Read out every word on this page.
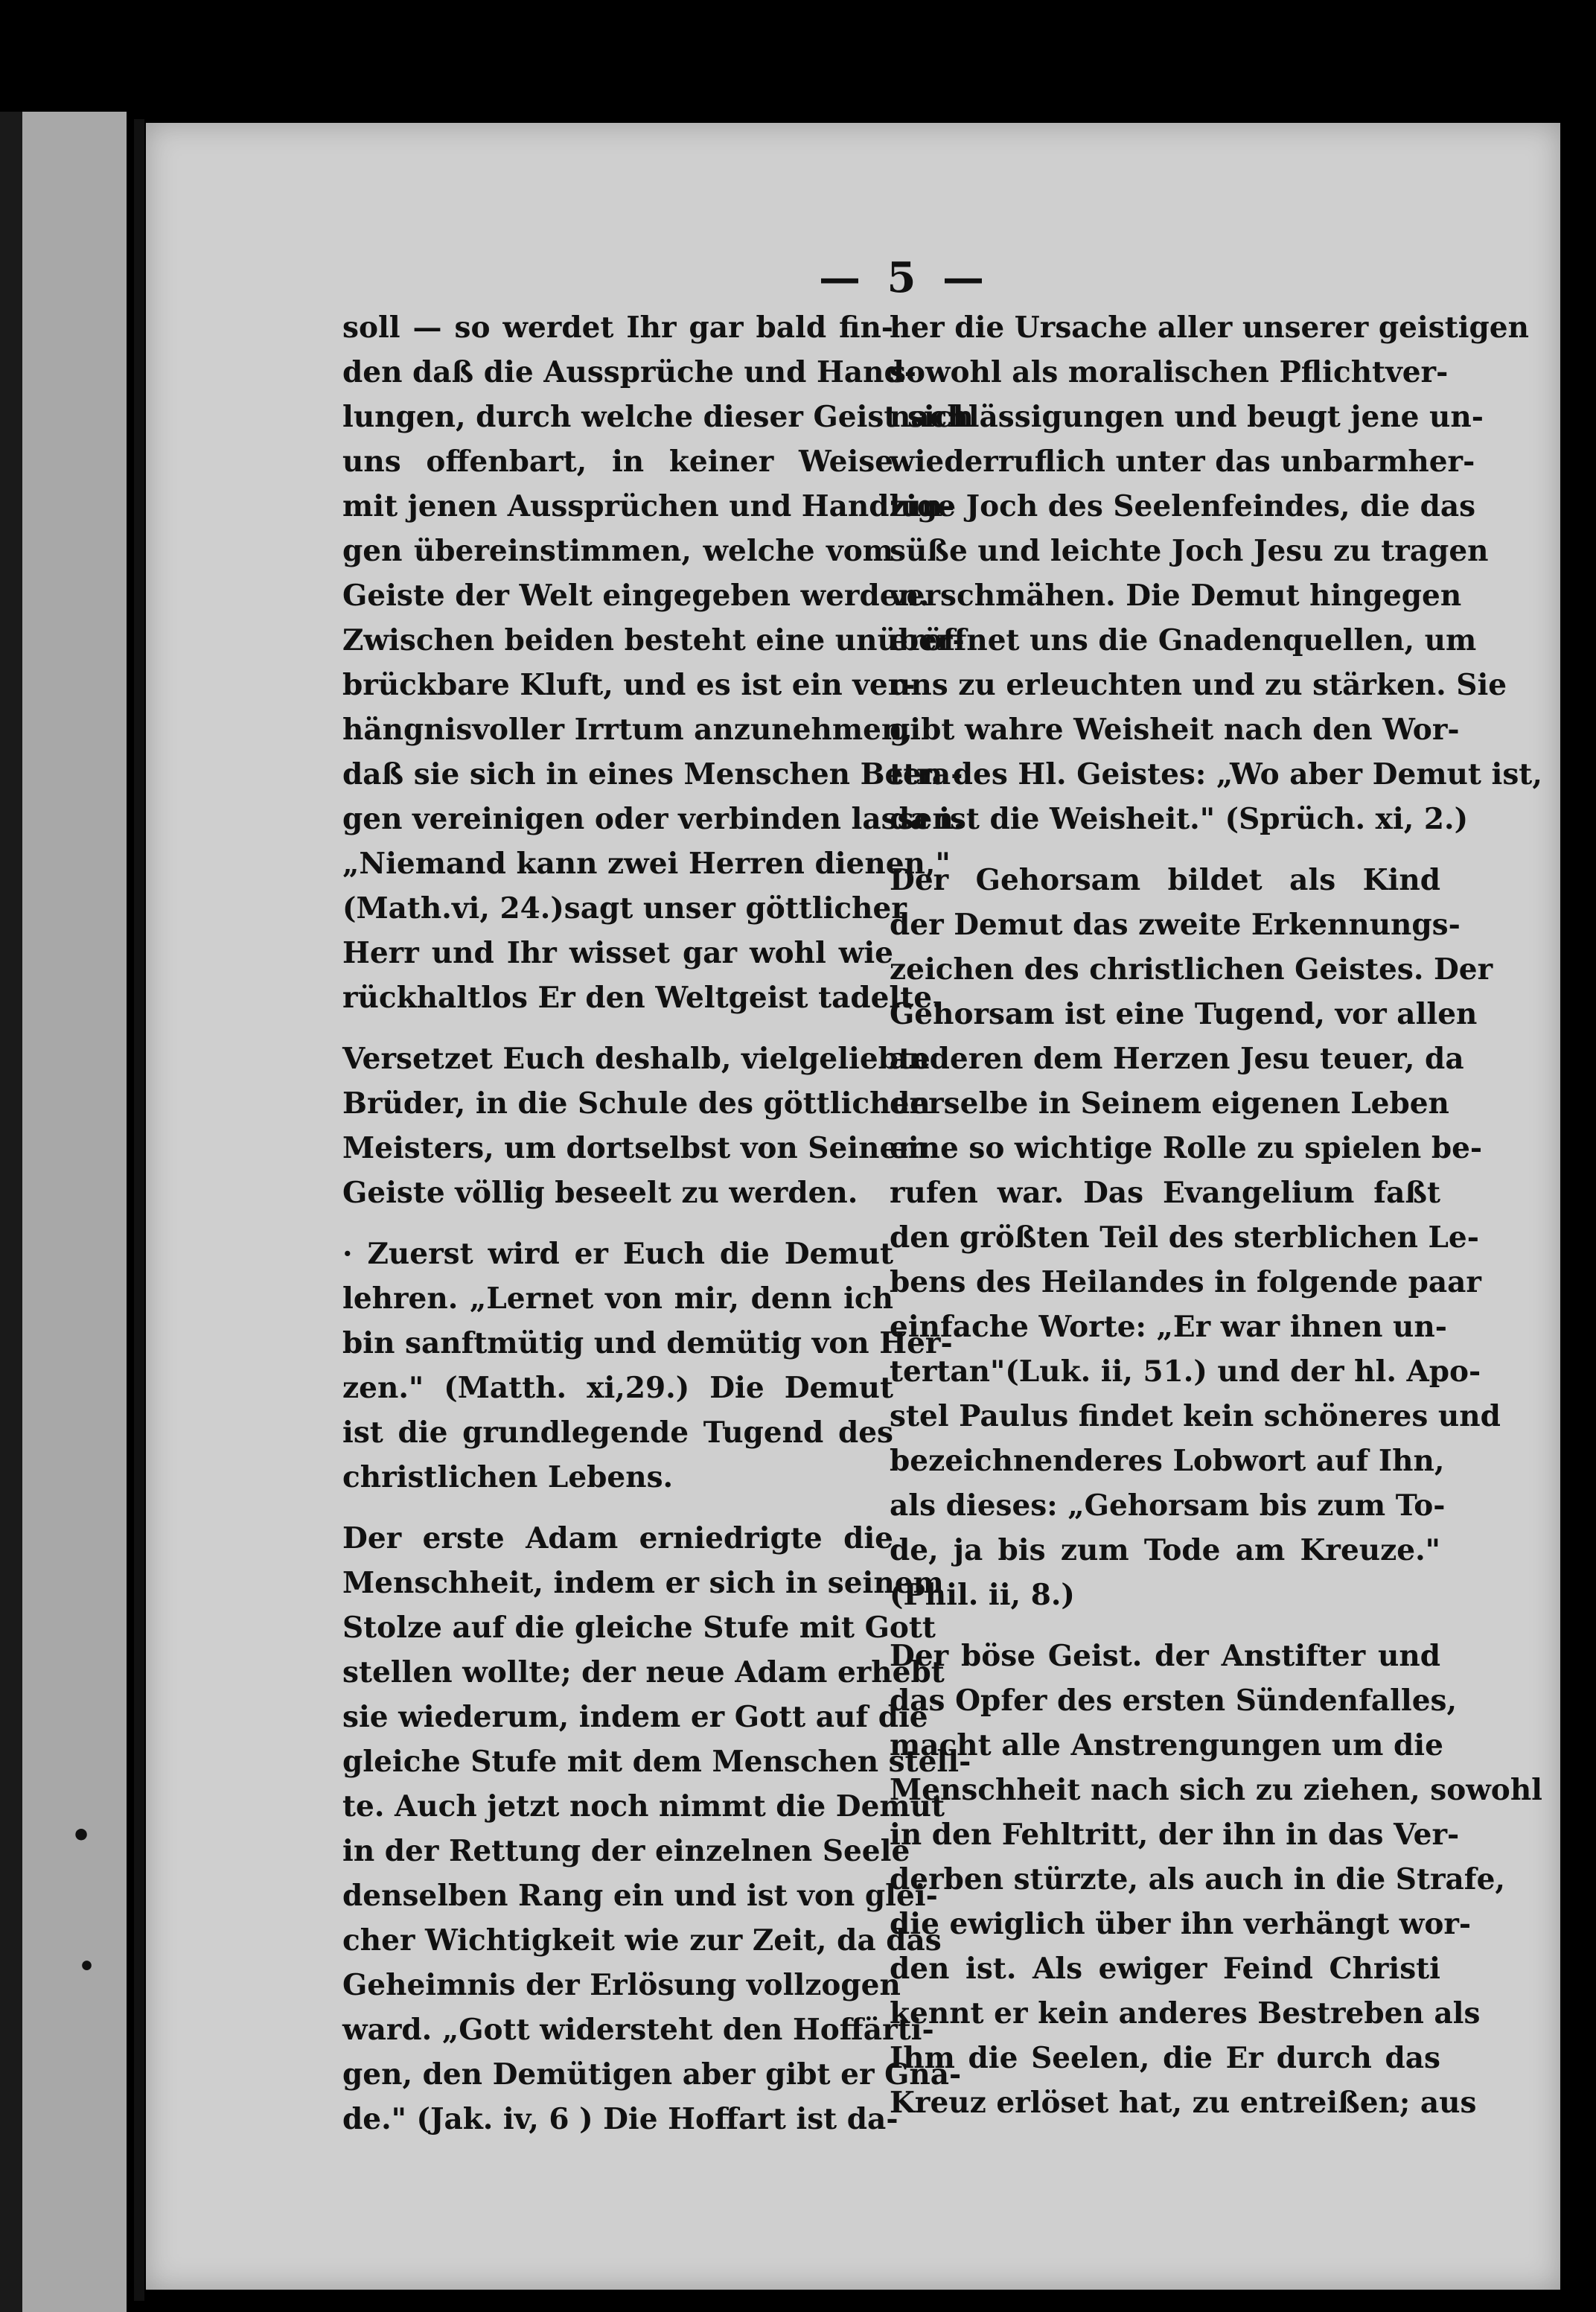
— 5 —
•
•
soll — so werdet Ihr gar bald fin-
den daß die Aussprüche und Hand-
lungen, durch welche dieser Geist sich
uns offenbart, in keiner Weise
mit jenen Aussprüchen und Handlun-
gen übereinstimmen, welche vom
Geiste der Welt eingegeben werden.
Zwischen beiden besteht eine unüber-
brückbare Kluft, und es ist ein ver-
hängnisvoller Irrtum anzunehmen,
daß sie sich in eines Menschen Betra-
gen vereinigen oder verbinden lassen.
„Niemand kann zwei Herren dienen,"
(Math.vi, 24.)sagt unser göttlicher
Herr und Ihr wisset gar wohl wie
rückhaltlos Er den Weltgeist tadelte.
Versetzet Euch deshalb, vielgeliebte
Brüder, in die Schule des göttlichen
Meisters, um dortselbst von Seinem
Geiste völlig beseelt zu werden.
· Zuerst wird er Euch die Demut
lehren. „Lernet von mir, denn ich
bin sanftmütig und demütig von Her-
zen." (Matth. xi,29.) Die Demut
ist die grundlegende Tugend des
christlichen Lebens.
Der erste Adam erniedrigte die
Menschheit, indem er sich in seinem
Stolze auf die gleiche Stufe mit Gott
stellen wollte; der neue Adam erhebt
sie wiederum, indem er Gott auf die
gleiche Stufe mit dem Menschen stell-
te. Auch jetzt noch nimmt die Demut
in der Rettung der einzelnen Seele
denselben Rang ein und ist von glei-
cher Wichtigkeit wie zur Zeit, da das
Geheimnis der Erlösung vollzogen
ward. „Gott widersteht den Hoffärti-
gen, den Demütigen aber gibt er Gna-
de." (Jak. iv, 6 ) Die Hoffart ist da-
her die Ursache aller unserer geistigen
sowohl als moralischen Pflichtver-
nachlässigungen und beugt jene un-
wiederruflich unter das unbarmher-
zige Joch des Seelenfeindes, die das
süße und leichte Joch Jesu zu tragen
verschmähen. Die Demut hingegen
eröffnet uns die Gnadenquellen, um
uns zu erleuchten und zu stärken. Sie
gibt wahre Weisheit nach den Wor-
ten des Hl. Geistes: „Wo aber Demut ist,
da ist die Weisheit." (Sprüch. xi, 2.)
Der Gehorsam bildet als Kind
der Demut das zweite Erkennungs-
zeichen des christlichen Geistes. Der
Gehorsam ist eine Tugend, vor allen
anderen dem Herzen Jesu teuer, da
derselbe in Seinem eigenen Leben
eine so wichtige Rolle zu spielen be-
rufen war. Das Evangelium faßt
den größten Teil des sterblichen Le-
bens des Heilandes in folgende paar
einfache Worte: „Er war ihnen un-
tertan"(Luk. ii, 51.) und der hl. Apo-
stel Paulus findet kein schöneres und
bezeichnenderes Lobwort auf Ihn,
als dieses: „Gehorsam bis zum To-
de, ja bis zum Tode am Kreuze."
(Phil. ii, 8.)
Der böse Geist. der Anstifter und
das Opfer des ersten Sündenfalles,
macht alle Anstrengungen um die
Menschheit nach sich zu ziehen, sowohl
in den Fehltritt, der ihn in das Ver-
derben stürzte, als auch in die Strafe,
die ewiglich über ihn verhängt wor-
den ist. Als ewiger Feind Christi
kennt er kein anderes Bestreben als
Ihm die Seelen, die Er durch das
Kreuz erlöset hat, zu entreißen; aus
